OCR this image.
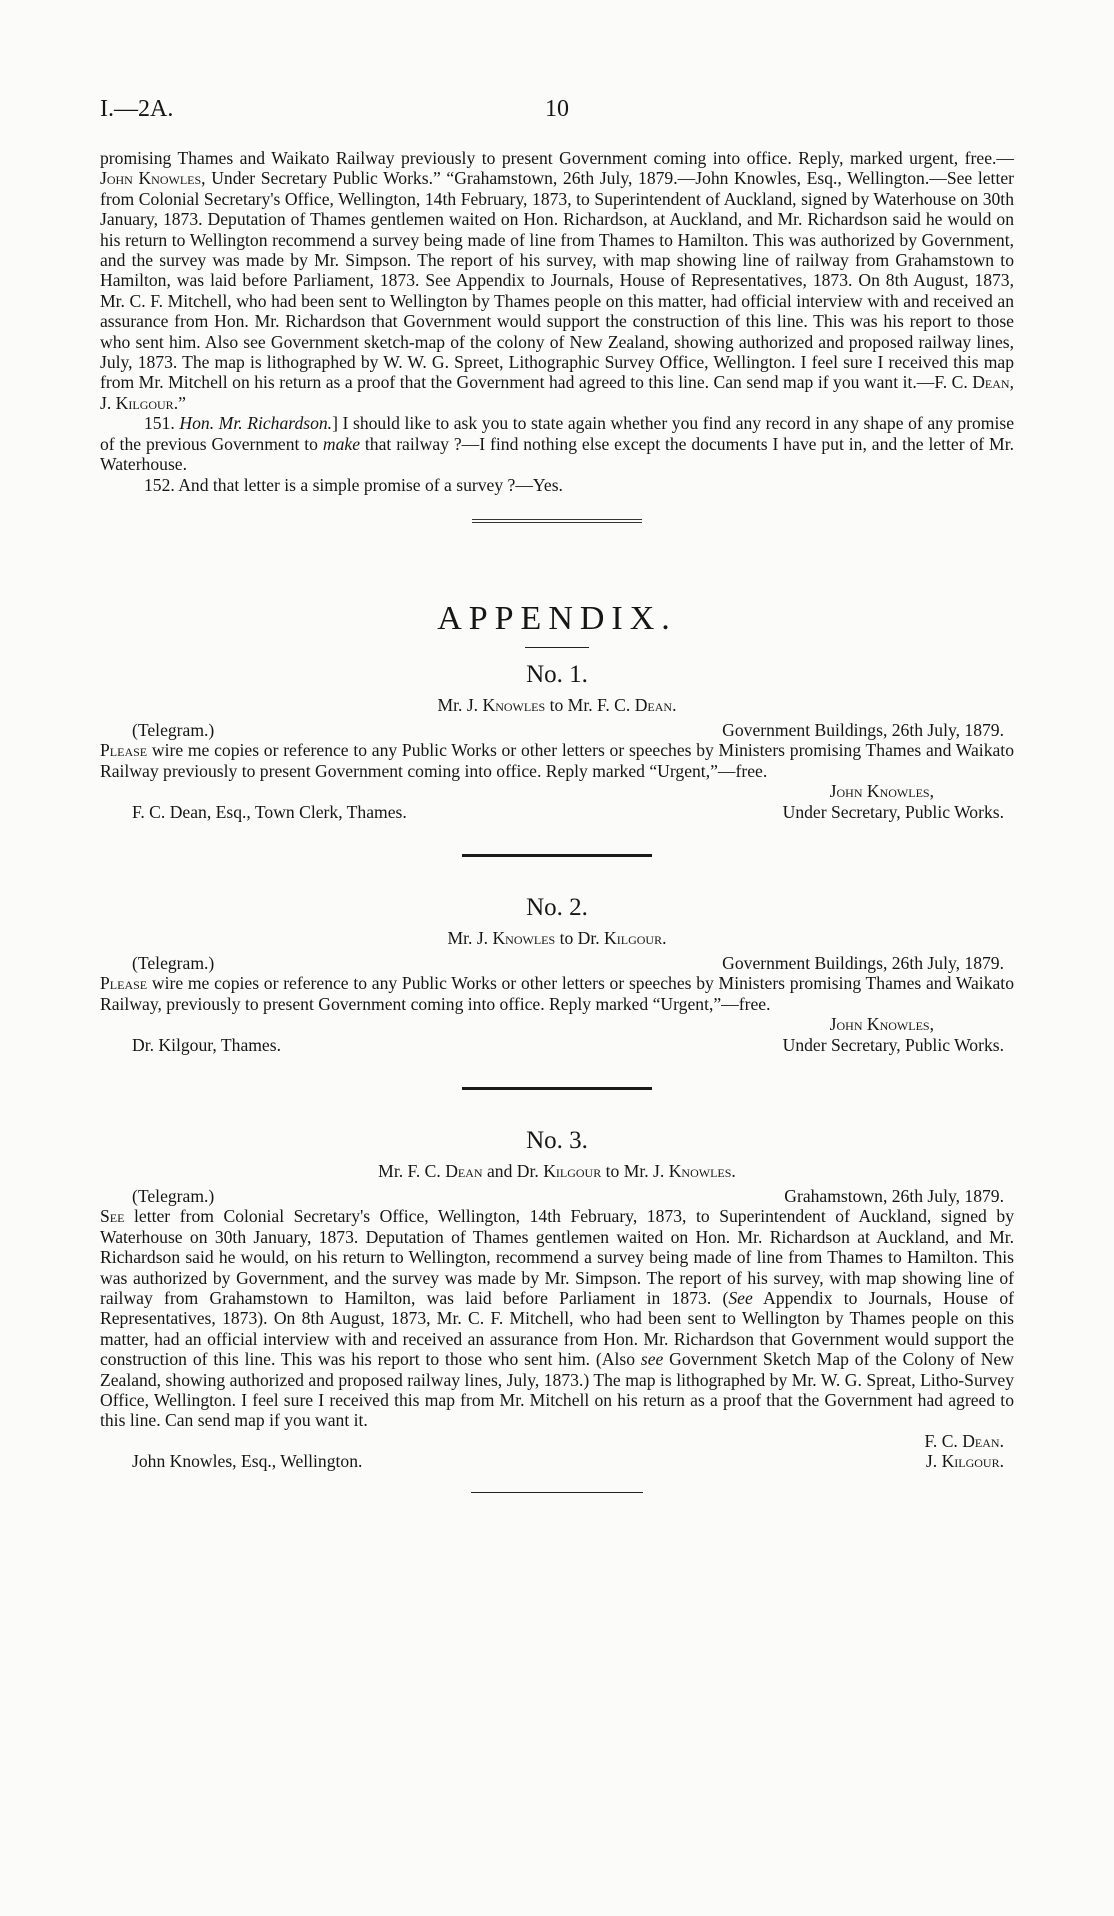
I.—2A.	10

promising Thames and Waikato Railway previously to present Government coming into office. Reply, marked urgent, free.—John Knowles, Under Secretary Public Works.” “Grahamstown, 26th July, 1879.—John Knowles, Esq., Wellington.—See letter from Colonial Secretary's Office, Wellington, 14th February, 1873, to Superintendent of Auckland, signed by Waterhouse on 30th January, 1873. Deputation of Thames gentlemen waited on Hon. Richardson, at Auckland, and Mr. Richardson said he would on his return to Wellington recommend a survey being made of line from Thames to Hamilton. This was authorized by Government, and the survey was made by Mr. Simpson. The report of his survey, with map showing line of railway from Grahamstown to Hamilton, was laid before Parliament, 1873. See Appendix to Journals, House of Representatives, 1873. On 8th August, 1873, Mr. C. F. Mitchell, who had been sent to Wellington by Thames people on this matter, had official interview with and received an assurance from Hon. Mr. Richardson that Government would support the construction of this line. This was his report to those who sent him. Also see Government sketch-map of the colony of New Zealand, showing authorized and proposed railway lines, July, 1873. The map is lithographed by W. W. G. Spreet, Lithographic Survey Office, Wellington. I feel sure I received this map from Mr. Mitchell on his return as a proof that the Government had agreed to this line. Can send map if you want it.—F. C. Dean, J. Kilgour.”

151. Hon. Mr. Richardson.] I should like to ask you to state again whether you find any record in any shape of any promise of the previous Government to make that railway ?—I find nothing else except the documents I have put in, and the letter of Mr. Waterhouse.

152. And that letter is a simple promise of a survey ?—Yes.

APPENDIX.
No. 1.
Mr. J. Knowles to Mr. F. C. Dean.
(Telegram.)	Government Buildings, 26th July, 1879.

Please wire me copies or reference to any Public Works or other letters or speeches by Ministers promising Thames and Waikato Railway previously to present Government coming into office. Reply marked “Urgent,”—free.

John Knowles,
F. C. Dean, Esq., Town Clerk, Thames.	Under Secretary, Public Works.
No. 2.
Mr. J. Knowles to Dr. Kilgour.
(Telegram.)	Government Buildings, 26th July, 1879.

Please wire me copies or reference to any Public Works or other letters or speeches by Ministers promising Thames and Waikato Railway, previously to present Government coming into office. Reply marked “Urgent,”—free.

John Knowles,
Dr. Kilgour, Thames.	Under Secretary, Public Works.
No. 3.
Mr. F. C. Dean and Dr. Kilgour to Mr. J. Knowles.
(Telegram.)	Grahamstown, 26th July, 1879.

See letter from Colonial Secretary's Office, Wellington, 14th February, 1873, to Superintendent of Auckland, signed by Waterhouse on 30th January, 1873. Deputation of Thames gentlemen waited on Hon. Mr. Richardson at Auckland, and Mr. Richardson said he would, on his return to Wellington, recommend a survey being made of line from Thames to Hamilton. This was authorized by Government, and the survey was made by Mr. Simpson. The report of his survey, with map showing line of railway from Grahamstown to Hamilton, was laid before Parliament in 1873. (See Appendix to Journals, House of Representatives, 1873). On 8th August, 1873, Mr. C. F. Mitchell, who had been sent to Wellington by Thames people on this matter, had an official interview with and received an assurance from Hon. Mr. Richardson that Government would support the construction of this line. This was his report to those who sent him. (Also see Government Sketch Map of the Colony of New Zealand, showing authorized and proposed railway lines, July, 1873.) The map is lithographed by Mr. W. G. Spreat, Litho-Survey Office, Wellington. I feel sure I received this map from Mr. Mitchell on his return as a proof that the Government had agreed to this line. Can send map if you want it.

F. C. Dean.
John Knowles, Esq., Wellington.	J. Kilgour.
